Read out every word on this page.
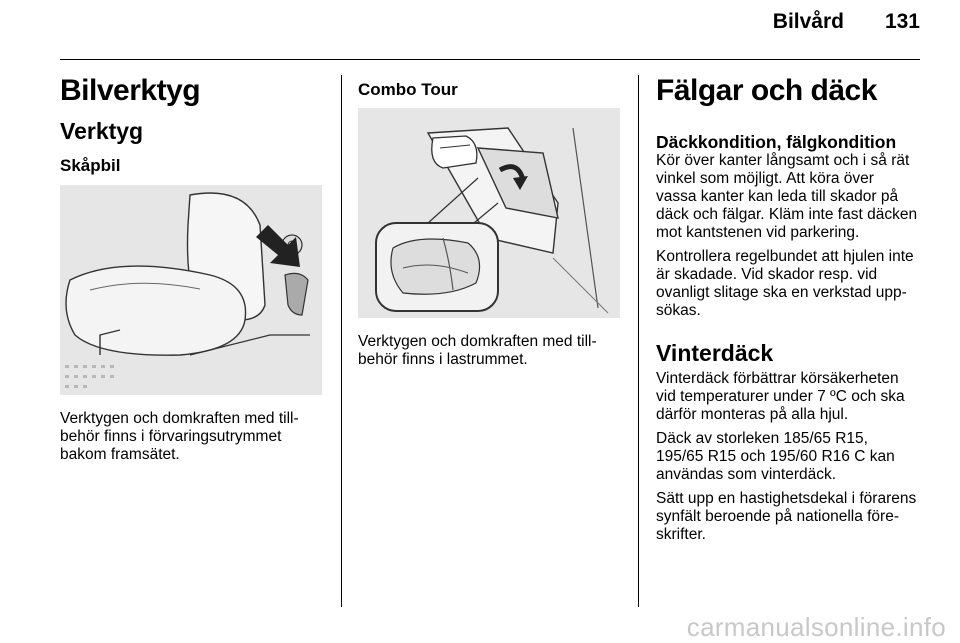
Bilvård 131
Bilverktyg
Verktyg
Skåpbil
Verktygen och domkraften med till-
behör finns i förvaringsutrymmet
bakom framsätet.
Combo Tour
Verktygen och domkraften med till-
behör finns i lastrummet.
Fälgar och däck
Däckkondition, fälgkondition
Kör över kanter långsamt och i så rät
vinkel som möjligt. Att köra över
vassa kanter kan leda till skador på
däck och fälgar. Kläm inte fast däcken
mot kantstenen vid parkering.
Kontrollera regelbundet att hjulen inte
är skadade. Vid skador resp. vid
ovanligt slitage ska en verkstad upp-
sökas.
Vinterdäck
Vinterdäck förbättrar körsäkerheten
vid temperaturer under 7 ºC och ska
därför monteras på alla hjul.
Däck av storleken 185/65 R15,
195/65 R15 och 195/60 R16 C kan
användas som vinterdäck.
Sätt upp en hastighetsdekal i förarens
synfält beroende på nationella före-
skrifter.
carmanualsonline.info
